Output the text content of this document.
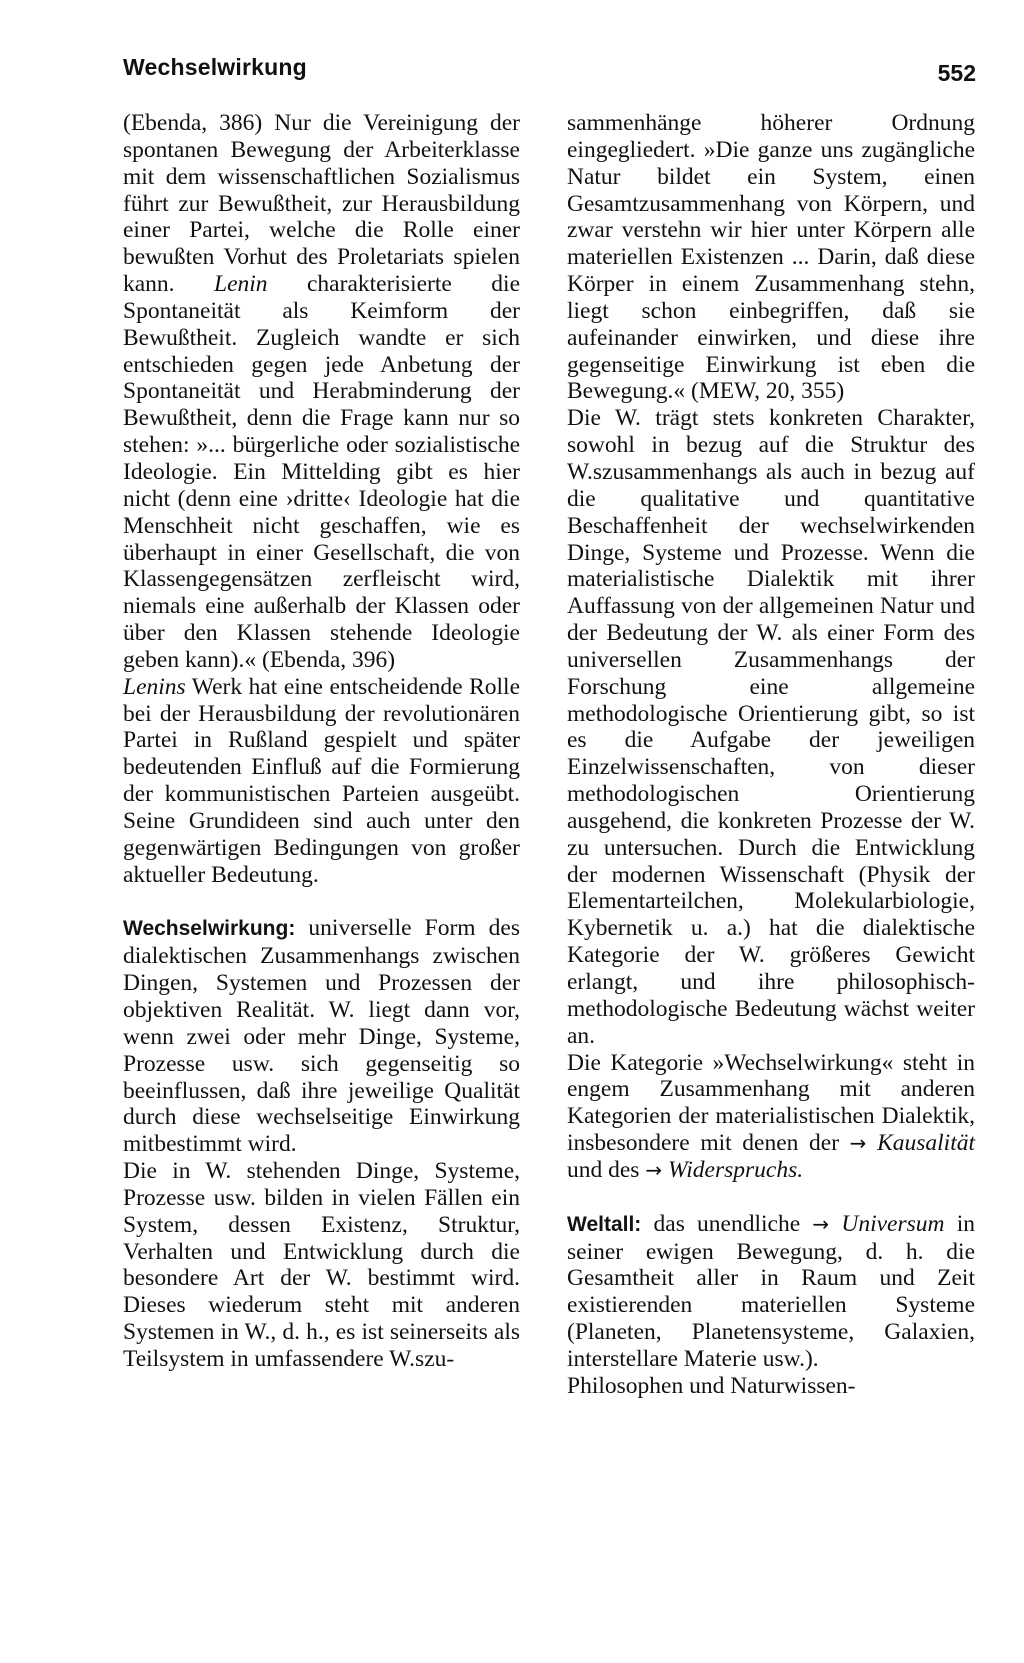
Wechselwirkung	552

(Ebenda, 386) Nur die Vereinigung der spontanen Bewegung der Arbeiterklasse mit dem wissenschaftlichen Sozialismus führt zur Bewußtheit, zur Herausbildung einer Partei, welche die Rolle einer bewußten Vorhut des Proletariats spielen kann. Lenin charakterisierte die Spontaneität als Keimform der Bewußtheit. Zugleich wandte er sich entschieden gegen jede Anbetung der Spontaneität und Herabminderung der Bewußtheit, denn die Frage kann nur so stehen: »... bürgerliche oder sozialistische Ideologie. Ein Mittelding gibt es hier nicht (denn eine ›dritte‹ Ideologie hat die Menschheit nicht geschaffen, wie es überhaupt in einer Gesellschaft, die von Klassengegensätzen zerfleischt wird, niemals eine außerhalb der Klassen oder über den Klassen stehende Ideologie geben kann).« (Ebenda, 396)

Lenins Werk hat eine entscheidende Rolle bei der Herausbildung der revolutionären Partei in Rußland gespielt und später bedeutenden Einfluß auf die Formierung der kommunistischen Parteien ausgeübt. Seine Grundideen sind auch unter den gegenwärtigen Bedingungen von großer aktueller Bedeutung.

Wechselwirkung: universelle Form des dialektischen Zusammenhangs zwischen Dingen, Systemen und Prozessen der objektiven Realität. W. liegt dann vor, wenn zwei oder mehr Dinge, Systeme, Prozesse usw. sich gegenseitig so beeinflussen, daß ihre jeweilige Qualität durch diese wechselseitige Einwirkung mitbestimmt wird.

Die in W. stehenden Dinge, Systeme, Prozesse usw. bilden in vielen Fällen ein System, dessen Existenz, Struktur, Verhalten und Entwicklung durch die besondere Art der W. bestimmt wird. Dieses wiederum steht mit anderen Systemen in W., d. h., es ist seinerseits als Teilsystem in umfassendere W.szu-

sammenhänge höherer Ordnung eingegliedert. »Die ganze uns zugängliche Natur bildet ein System, einen Gesamtzusammenhang von Körpern, und zwar verstehn wir hier unter Körpern alle materiellen Existenzen ... Darin, daß diese Körper in einem Zusammenhang stehn, liegt schon einbegriffen, daß sie aufeinander einwirken, und diese ihre gegenseitige Einwirkung ist eben die Bewegung.« (MEW, 20, 355)

Die W. trägt stets konkreten Charakter, sowohl in bezug auf die Struktur des W.szusammenhangs als auch in bezug auf die qualitative und quantitative Beschaffenheit der wechselwirkenden Dinge, Systeme und Prozesse. Wenn die materialistische Dialektik mit ihrer Auffassung von der allgemeinen Natur und der Bedeutung der W. als einer Form des universellen Zusammenhangs der Forschung eine allgemeine methodologische Orientierung gibt, so ist es die Aufgabe der jeweiligen Einzelwissenschaften, von dieser methodologischen Orientierung ausgehend, die konkreten Prozesse der W. zu untersuchen. Durch die Entwicklung der modernen Wissenschaft (Physik der Elementarteilchen, Molekularbiologie, Kybernetik u. a.) hat die dialektische Kategorie der W. größeres Gewicht erlangt, und ihre philosophisch-methodologische Bedeutung wächst weiter an.

Die Kategorie »Wechselwirkung« steht in engem Zusammenhang mit anderen Kategorien der materialistischen Dialektik, insbesondere mit denen der → Kausalität und des → Widerspruchs.

Weltall: das unendliche → Universum in seiner ewigen Bewegung, d. h. die Gesamtheit aller in Raum und Zeit existierenden materiellen Systeme (Planeten, Planetensysteme, Galaxien, interstellare Materie usw.).

Philosophen und Naturwissen-
